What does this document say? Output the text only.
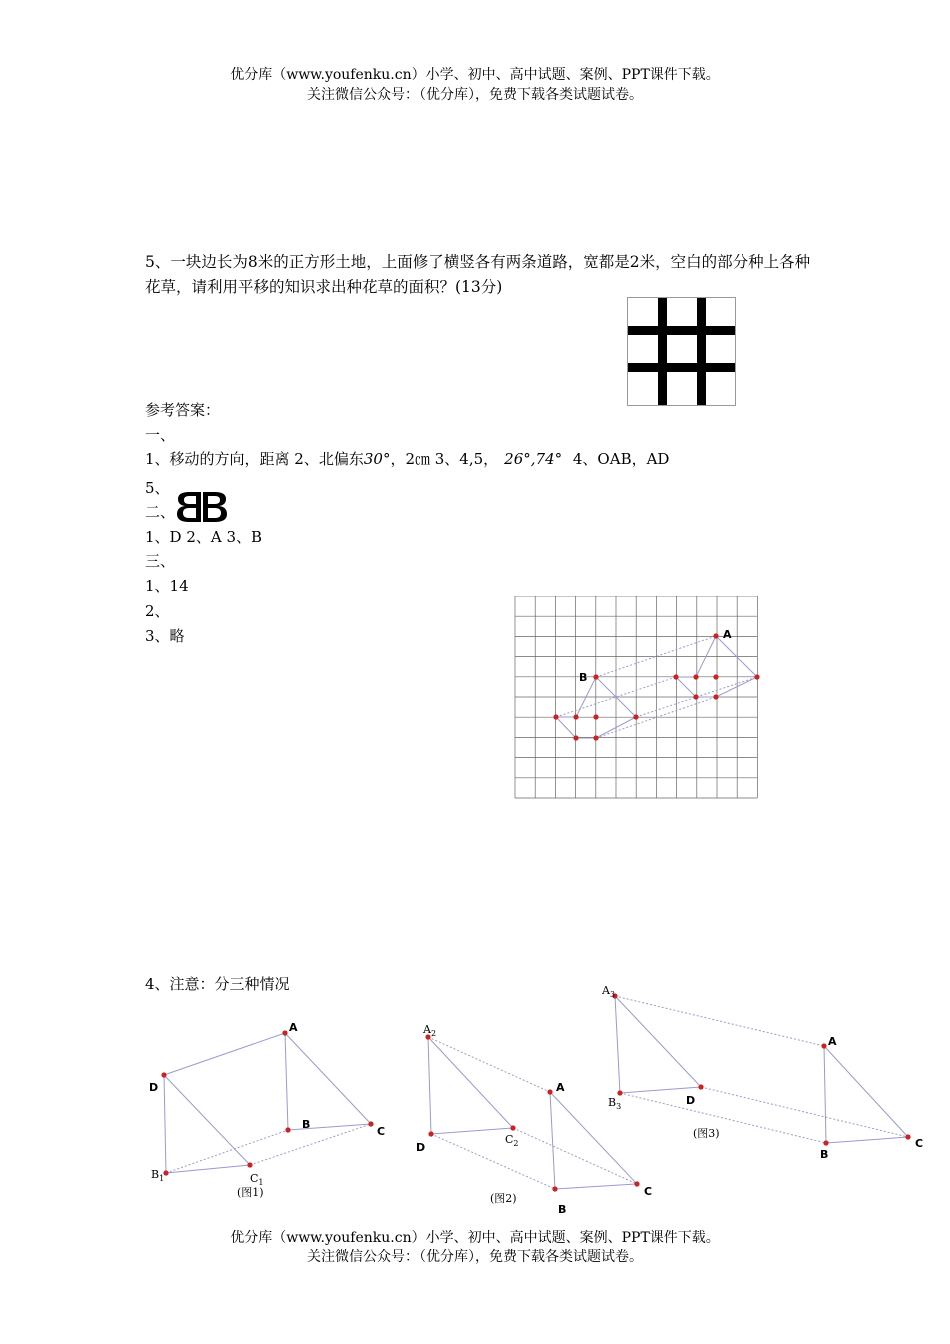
优分库（www.youfenku.cn）小学、初中、高中试题、案例、PPT课件下载。
关注微信公众号：（优分库），免费下载各类试题试卷。
5、一块边长为8米的正方形土地，上面修了横竖各有两条道路，宽都是2米，空白的部分种上各种花草，请利用平移的知识求出种花草的面积？(13分)
参考答案：
一、
1、移动的方向，距离 2、北偏东30°，2㎝ 3、4,5， 26°,74° 4、OAB，AD
5、
二、
1、D 2、A 3、B
三、
1、14
2、
3、略	A
B
4、注意：分三种情况
A
D
B
C
$B_1$	$C_1$
(图1)
$A_2$
A
D
$C_2$
C
B
(图2)
$A_3$
A
$B_3$	D
(图3)
C
B
优分库（www.youfenku.cn）小学、初中、高中试题、案例、PPT课件下载。
关注微信公众号：（优分库），免费下载各类试题试卷。
